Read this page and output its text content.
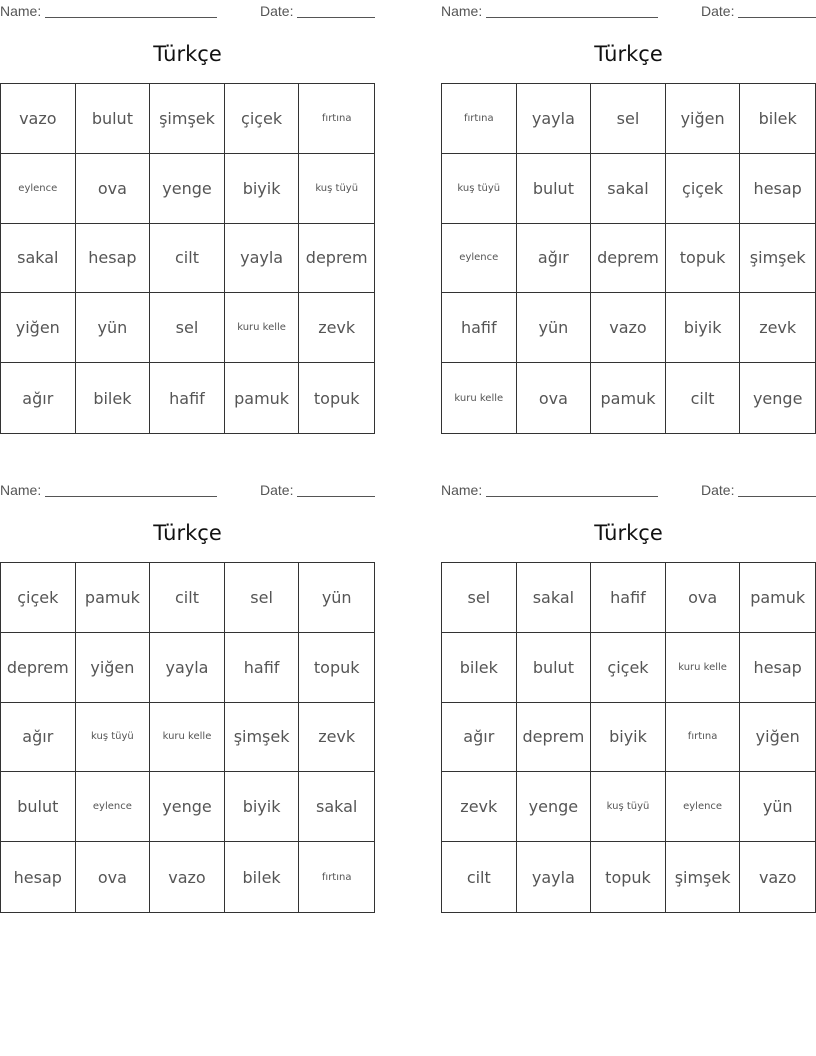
Name:	Date:
Türkçe
vazo	bulut	şimşek	çiçek	fırtına
eylence	ova	yenge	biyik	kuş tüyü
sakal	hesap	cilt	yayla	deprem
yiğen	yün	sel	kuru kelle	zevk
ağır	bilek	hafif	pamuk	topuk
Name:	Date:
Türkçe
fırtına	yayla	sel	yiğen	bilek
kuş tüyü	bulut	sakal	çiçek	hesap
eylence	ağır	deprem	topuk	şimşek
hafif	yün	vazo	biyik	zevk
kuru kelle	ova	pamuk	cilt	yenge
Name:	Date:
Türkçe
çiçek	pamuk	cilt	sel	yün
deprem	yiğen	yayla	hafif	topuk
ağır	kuş tüyü	kuru kelle	şimşek	zevk
bulut	eylence	yenge	biyik	sakal
hesap	ova	vazo	bilek	fırtına
Name:	Date:
Türkçe
sel	sakal	hafif	ova	pamuk
bilek	bulut	çiçek	kuru kelle	hesap
ağır	deprem	biyik	fırtına	yiğen
zevk	yenge	kuş tüyü	eylence	yün
cilt	yayla	topuk	şimşek	vazo
